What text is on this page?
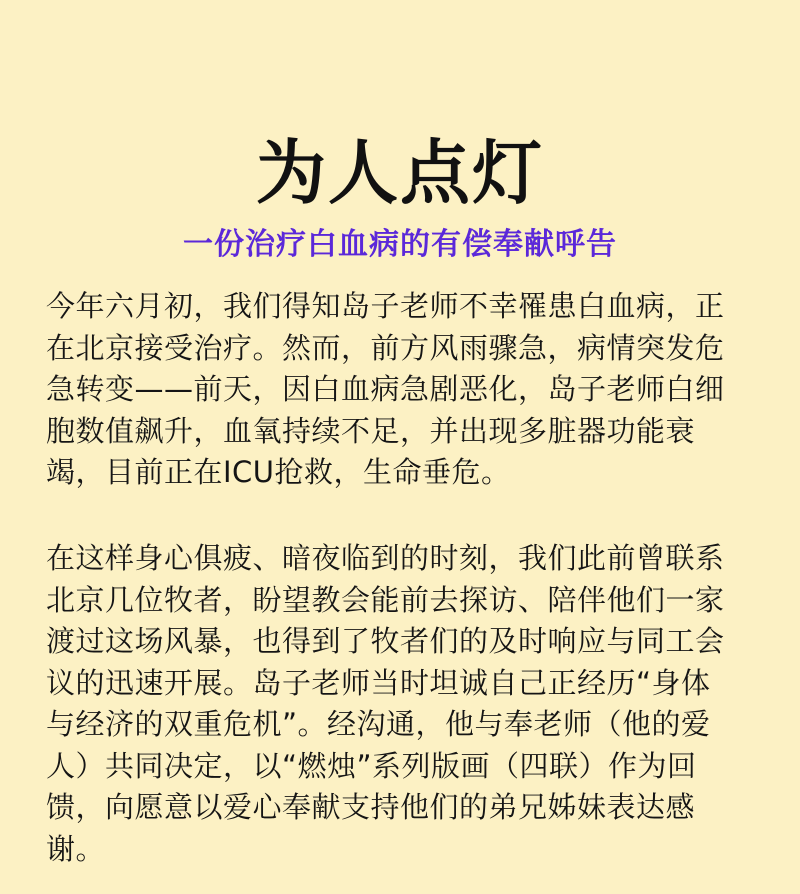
为人点灯
一份治疗白血病的有偿奉献呼告
今年六月初，我们得知岛子老师不幸罹患白血病，正
在北京接受治疗。然而，前方风雨骤急，病情突发危
急转变——前天，因白血病急剧恶化，岛子老师白细
胞数值飙升，血氧持续不足，并出现多脏器功能衰
竭，目前正在ICU抢救，生命垂危。
在这样身心俱疲、暗夜临到的时刻，我们此前曾联系
北京几位牧者，盼望教会能前去探访、陪伴他们一家
渡过这场风暴，也得到了牧者们的及时响应与同工会
议的迅速开展。岛子老师当时坦诚自己正经历“身体
与经济的双重危机”。经沟通，他与奉老师（他的爱
人）共同决定，以“燃烛”系列版画（四联）作为回
馈，向愿意以爱心奉献支持他们的弟兄姊妹表达感
谢。
